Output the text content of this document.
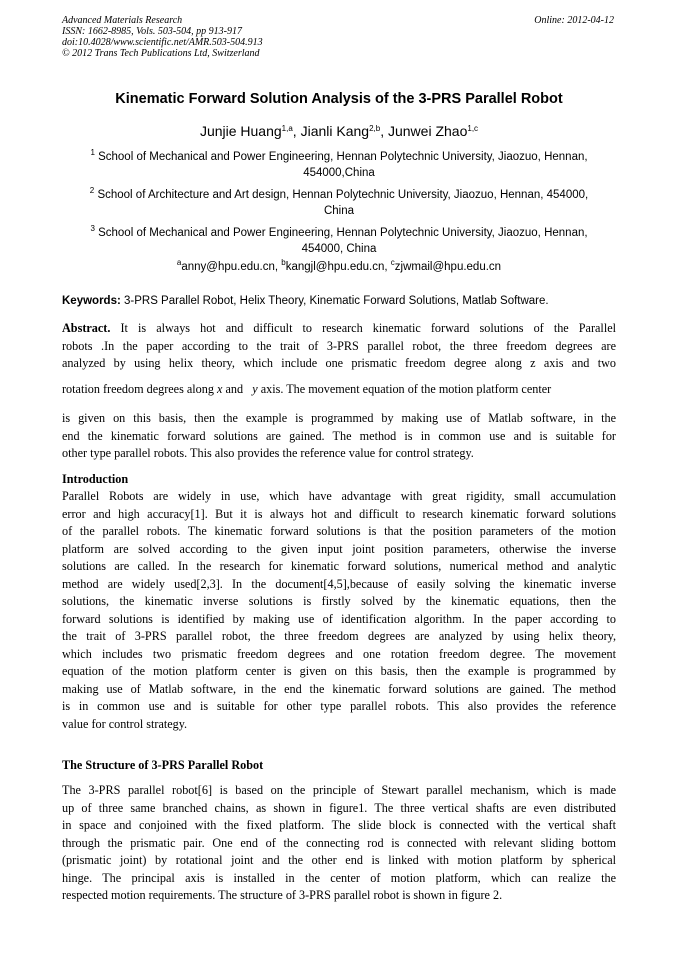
Advanced Materials Research
ISSN: 1662-8985, Vols. 503-504, pp 913-917
doi:10.4028/www.scientific.net/AMR.503-504.913
© 2012 Trans Tech Publications Ltd, Switzerland
Online: 2012-04-12
Kinematic Forward Solution Analysis of the 3-PRS Parallel Robot
Junjie Huang$^{1,a}$, Jianli Kang$^{2,b}$, Junwei Zhao$^{1,c}$
$^1$ School of Mechanical and Power Engineering, Hennan Polytechnic University, Jiaozuo, Hennan,
454000,China
$^2$ School of Architecture and Art design, Hennan Polytechnic University, Jiaozuo, Hennan, 454000,
China
$^3$ School of Mechanical and Power Engineering, Hennan Polytechnic University, Jiaozuo, Hennan,
454000, China
$^a$anny@hpu.edu.cn, $^b$kangjl@hpu.edu.cn, $^c$zjwmail@hpu.edu.cn
Keywords: 3-PRS Parallel Robot, Helix Theory, Kinematic Forward Solutions, Matlab Software.
Abstract. It is always hot and difficult to research kinematic forward solutions of the Parallel
robots .In the paper according to the trait of 3-PRS parallel robot, the three freedom degrees are
analyzed by using helix theory, which include one prismatic freedom degree along z axis and two
rotation freedom degrees along x and   y axis. The movement equation of the motion platform center
is given on this basis, then the example is programmed by making use of Matlab software, in the
end the kinematic forward solutions are gained. The method is in common use and is suitable for
other type parallel robots. This also provides the reference value for control strategy.
Introduction
Parallel Robots are widely in use, which have advantage with great rigidity, small accumulation
error and high accuracy[1]. But it is always hot and difficult to research kinematic forward solutions
of the parallel robots. The kinematic forward solutions is that the position parameters of the motion
platform are solved according to the given input joint position parameters, otherwise the inverse
solutions are called. In the research for kinematic forward solutions, numerical method and analytic
method are widely used[2,3]. In the document[4,5],because of easily solving the kinematic inverse
solutions, the kinematic inverse solutions is firstly solved by the kinematic equations, then the
forward solutions is identified by making use of identification algorithm. In the paper according to
the trait of 3-PRS parallel robot, the three freedom degrees are analyzed by using helix theory,
which includes two prismatic freedom degrees and one rotation freedom degree. The movement
equation of the motion platform center is given on this basis, then the example is programmed by
making use of Matlab software, in the end the kinematic forward solutions are gained. The method
is in common use and is suitable for other type parallel robots. This also provides the reference
value for control strategy.
The Structure of 3-PRS Parallel Robot
The 3-PRS parallel robot[6] is based on the principle of Stewart parallel mechanism, which is made
up of three same branched chains, as shown in figure1. The three vertical shafts are even distributed
in space and conjoined with the fixed platform. The slide block is connected with the vertical shaft
through the prismatic pair. One end of the connecting rod is connected with relevant sliding bottom
(prismatic joint) by rotational joint and the other end is linked with motion platform by spherical
hinge. The principal axis is installed in the center of motion platform, which can realize the
respected motion requirements. The structure of 3-PRS parallel robot is shown in figure 2.
